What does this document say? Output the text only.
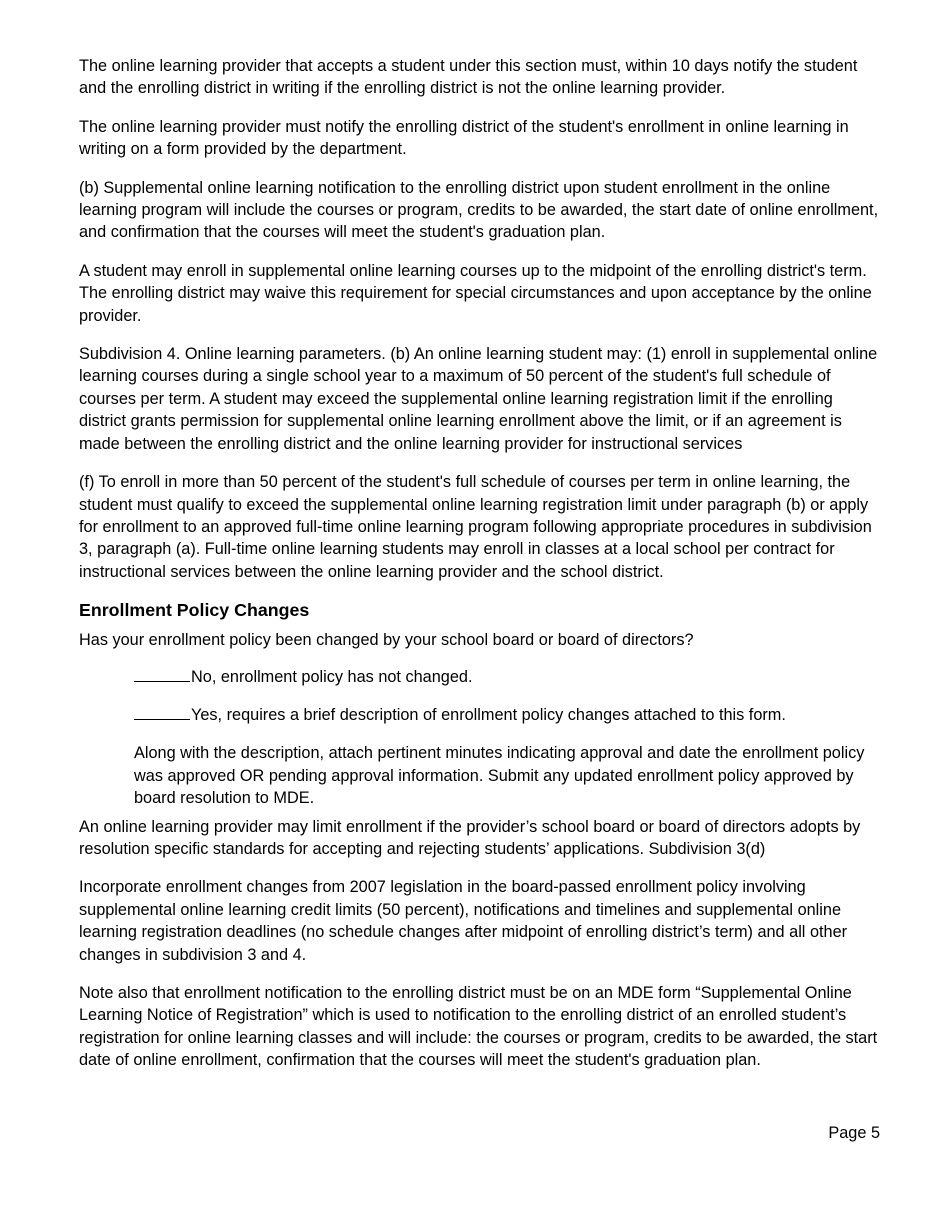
The online learning provider that accepts a student under this section must, within 10 days notify the student and the enrolling district in writing if the enrolling district is not the online learning provider.

The online learning provider must notify the enrolling district of the student's enrollment in online learning in writing on a form provided by the department.

(b) Supplemental online learning notification to the enrolling district upon student enrollment in the online learning program will include the courses or program, credits to be awarded, the start date of online enrollment, and confirmation that the courses will meet the student's graduation plan.

A student may enroll in supplemental online learning courses up to the midpoint of the enrolling district's term. The enrolling district may waive this requirement for special circumstances and upon acceptance by the online provider.

Subdivision 4. Online learning parameters. (b) An online learning student may: (1) enroll in supplemental online learning courses during a single school year to a maximum of 50 percent of the student's full schedule of courses per term. A student may exceed the supplemental online learning registration limit if the enrolling district grants permission for supplemental online learning enrollment above the limit, or if an agreement is made between the enrolling district and the online learning provider for instructional services

(f) To enroll in more than 50 percent of the student's full schedule of courses per term in online learning, the student must qualify to exceed the supplemental online learning registration limit under paragraph (b) or apply for enrollment to an approved full-time online learning program following appropriate procedures in subdivision 3, paragraph (a). Full-time online learning students may enroll in classes at a local school per contract for instructional services between the online learning provider and the school district.

Enrollment Policy Changes

Has your enrollment policy been changed by your school board or board of directors?

No, enrollment policy has not changed.
Yes, requires a brief description of enrollment policy changes attached to this form.

Along with the description, attach pertinent minutes indicating approval and date the enrollment policy was approved OR pending approval information. Submit any updated enrollment policy approved by board resolution to MDE.

An online learning provider may limit enrollment if the provider’s school board or board of directors adopts by resolution specific standards for accepting and rejecting students’ applications. Subdivision 3(d)

Incorporate enrollment changes from 2007 legislation in the board-passed enrollment policy involving supplemental online learning credit limits (50 percent), notifications and timelines and supplemental online learning registration deadlines (no schedule changes after midpoint of enrolling district’s term) and all other changes in subdivision 3 and 4.

Note also that enrollment notification to the enrolling district must be on an MDE form “Supplemental Online Learning Notice of Registration” which is used to notification to the enrolling district of an enrolled student’s registration for online learning classes and will include: the courses or program, credits to be awarded, the start date of online enrollment, confirmation that the courses will meet the student's graduation plan.

Page 5
